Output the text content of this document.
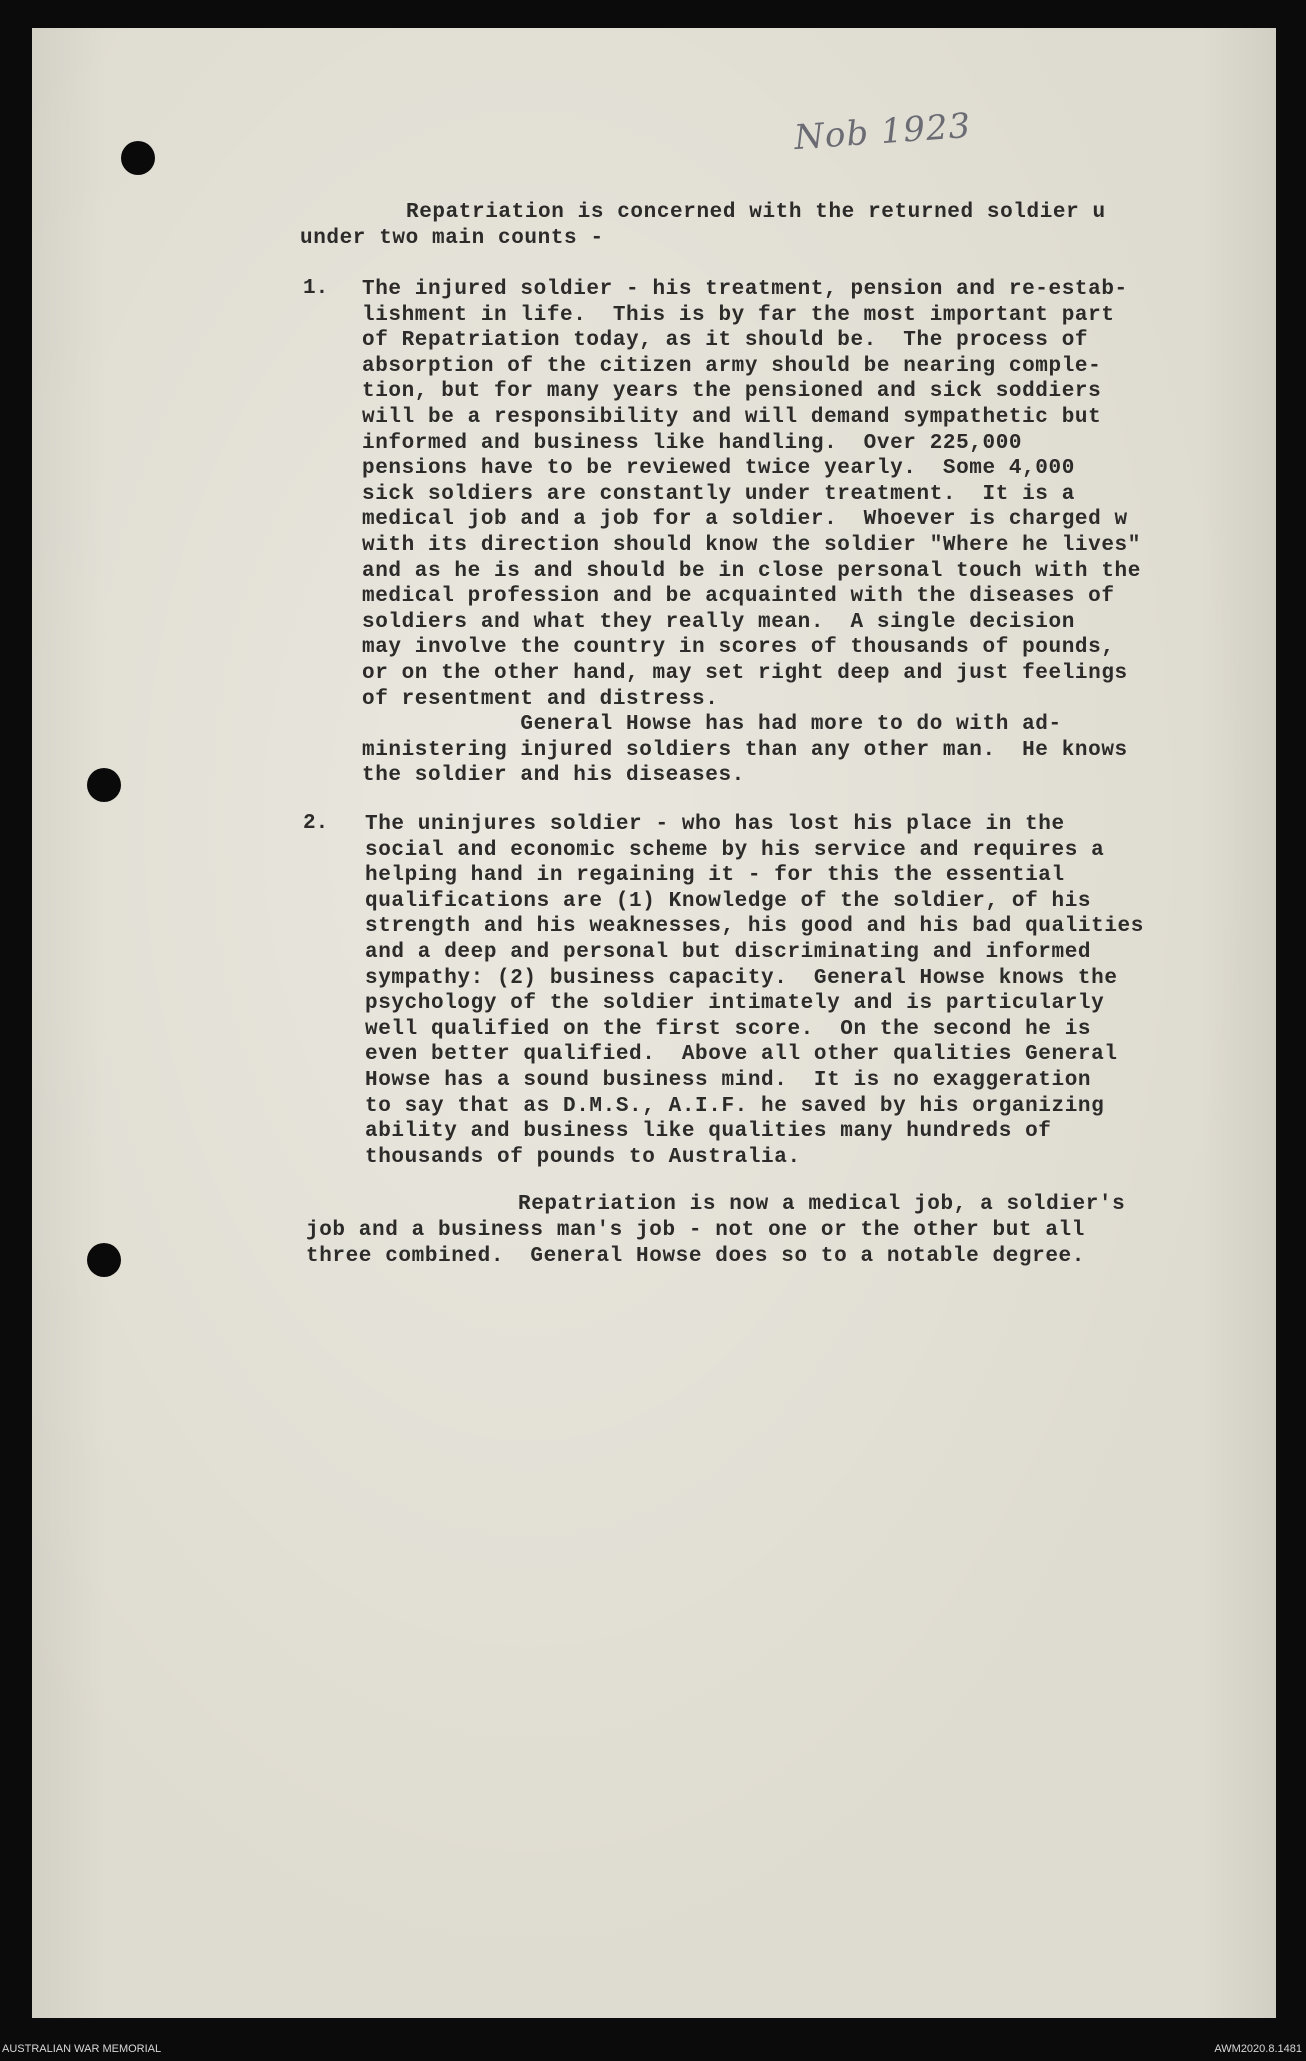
Nob 1923
Repatriation is concerned with the returned soldier u
under two main counts -
1. The injured soldier - his treatment, pension and re-estab-
lishment in life.  This is by far the most important part
of Repatriation today, as it should be.  The process of
absorption of the citizen army should be nearing comple-
tion, but for many years the pensioned and sick soddiers
will be a responsibility and will demand sympathetic but
informed and business like handling.  Over 225,000
pensions have to be reviewed twice yearly.  Some 4,000
sick soldiers are constantly under treatment.  It is a
medical job and a job for a soldier.  Whoever is charged w
with its direction should know the soldier "Where he lives"
and as he is and should be in close personal touch with the
medical profession and be acquainted with the diseases of
soldiers and what they really mean.  A single decision
may involve the country in scores of thousands of pounds,
or on the other hand, may set right deep and just feelings
of resentment and distress.
General Howse has had more to do with ad-
ministering injured soldiers than any other man.  He knows
the soldier and his diseases.
2. The uninjures soldier - who has lost his place in the
social and economic scheme by his service and requires a
helping hand in regaining it - for this the essential
qualifications are (1) Knowledge of the soldier, of his
strength and his weaknesses, his good and his bad qualities
and a deep and personal but discriminating and informed
sympathy: (2) business capacity.  General Howse knows the
psychology of the soldier intimately and is particularly
well qualified on the first score.  On the second he is
even better qualified.  Above all other qualities General
Howse has a sound business mind.  It is no exaggeration
to say that as D.M.S., A.I.F. he saved by his organizing
ability and business like qualities many hundreds of
thousands of pounds to Australia.
Repatriation is now a medical job, a soldier's
job and a business man's job - not one or the other but all
three combined.  General Howse does so to a notable degree.
AUSTRALIAN WAR MEMORIAL	AWM2020.8.1481
